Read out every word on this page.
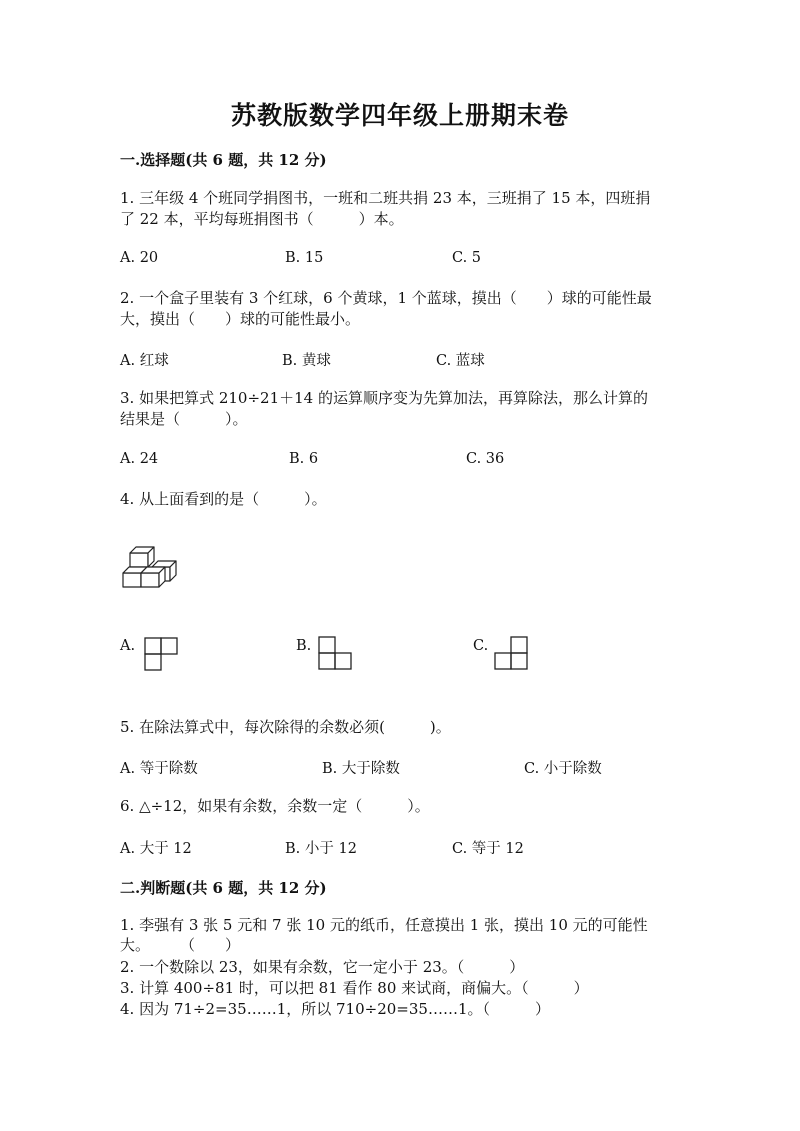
苏教版数学四年级上册期末卷
一.选择题(共 6 题，共 12 分)
1. 三年级 4 个班同学捐图书，一班和二班共捐 23 本，三班捐了 15 本，四班捐
了 22 本，平均每班捐图书（　　　）本。
A. 20	B. 15	C. 5
2. 一个盒子里装有 3 个红球，6 个黄球，1 个蓝球，摸出（　　）球的可能性最
大，摸出（　　）球的可能性最小。
A. 红球	B. 黄球	C. 蓝球
3. 如果把算式 210÷21＋14 的运算顺序变为先算加法，再算除法，那么计算的
结果是（　　　）。
A. 24	B. 6	C. 36
4. 从上面看到的是（　　　）。
A.	B.	C.
5. 在除法算式中，每次除得的余数必须(　　　)。
A. 等于除数	B. 大于除数	C. 小于除数
6. △÷12，如果有余数，余数一定（　　　）。
A. 大于 12	B. 小于 12	C. 等于 12
二.判断题(共 6 题，共 12 分)
1. 李强有 3 张 5 元和 7 张 10 元的纸币，任意摸出 1 张，摸出 10 元的可能性
大。　　　（　　）
2. 一个数除以 23，如果有余数，它一定小于 23。（　　　）
3. 计算 400÷81 时，可以把 81 看作 80 来试商，商偏大。（　　　）
4. 因为 71÷2=35……1，所以 710÷20=35……1。（　　　）
